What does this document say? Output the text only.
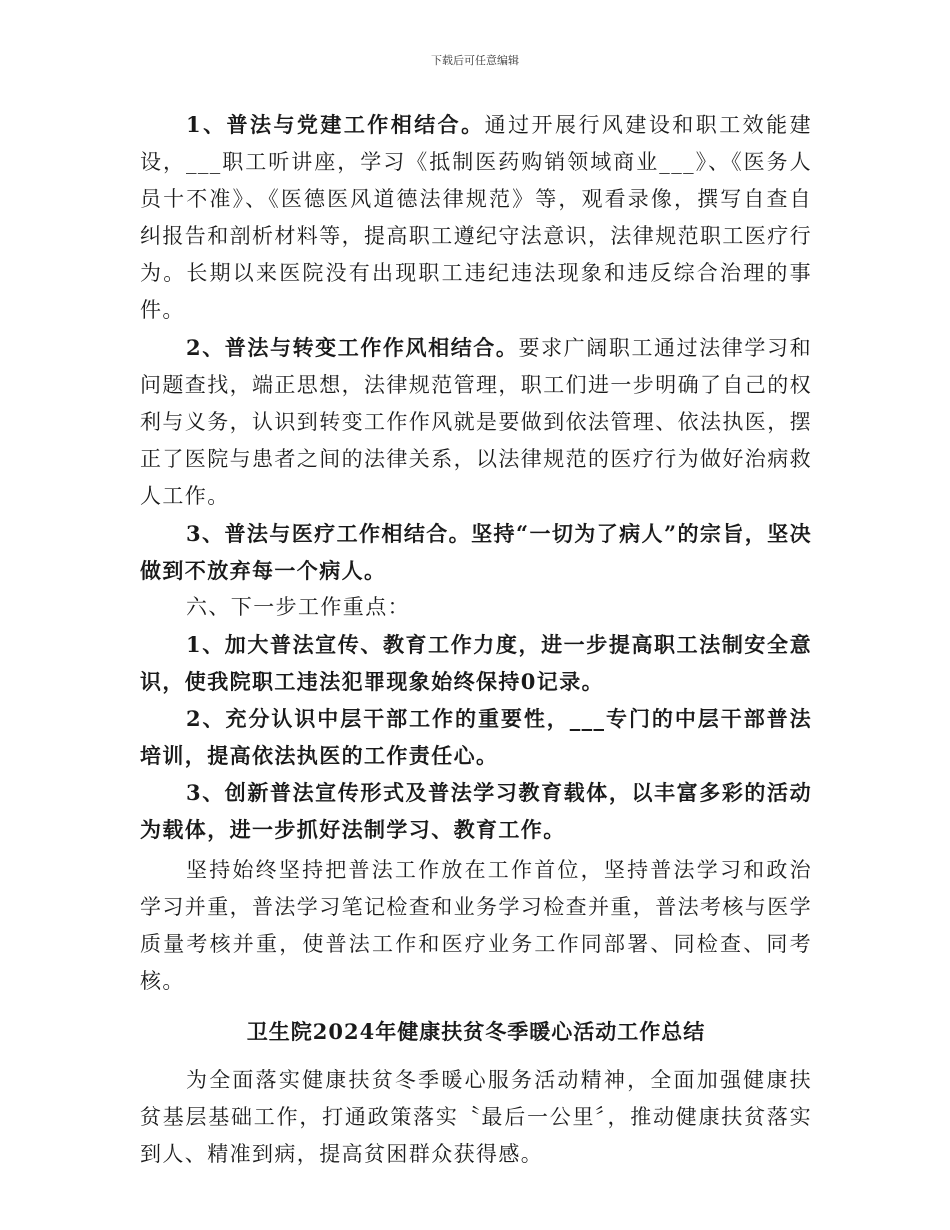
下载后可任意编辑

1、普法与党建工作相结合。通过开展行风建设和职工效能建设，___职工听讲座，学习《抵制医药购销领域商业___》、《医务人员十不准》、《医德医风道德法律规范》等，观看录像，撰写自查自纠报告和剖析材料等，提高职工遵纪守法意识，法律规范职工医疗行为。长期以来医院没有出现职工违纪违法现象和违反综合治理的事件。

2、普法与转变工作作风相结合。要求广阔职工通过法律学习和问题查找，端正思想，法律规范管理，职工们进一步明确了自己的权利与义务，认识到转变工作作风就是要做到依法管理、依法执医，摆正了医院与患者之间的法律关系，以法律规范的医疗行为做好治病救人工作。

3、普法与医疗工作相结合。坚持“一切为了病人”的宗旨，坚决做到不放弃每一个病人。

六、下一步工作重点：

1、加大普法宣传、教育工作力度，进一步提高职工法制安全意识，使我院职工违法犯罪现象始终保持0记录。

2、充分认识中层干部工作的重要性，___专门的中层干部普法培训，提高依法执医的工作责任心。

3、创新普法宣传形式及普法学习教育载体，以丰富多彩的活动为载体，进一步抓好法制学习、教育工作。

坚持始终坚持把普法工作放在工作首位，坚持普法学习和政治学习并重，普法学习笔记检查和业务学习检查并重，普法考核与医学质量考核并重，使普法工作和医疗业务工作同部署、同检查、同考核。

卫生院2024年健康扶贫冬季暖心活动工作总结

为全面落实健康扶贫冬季暖心服务活动精神，全面加强健康扶贫基层基础工作，打通政策落实〝最后一公里〞，推动健康扶贫落实到人、精准到病，提高贫困群众获得感。
